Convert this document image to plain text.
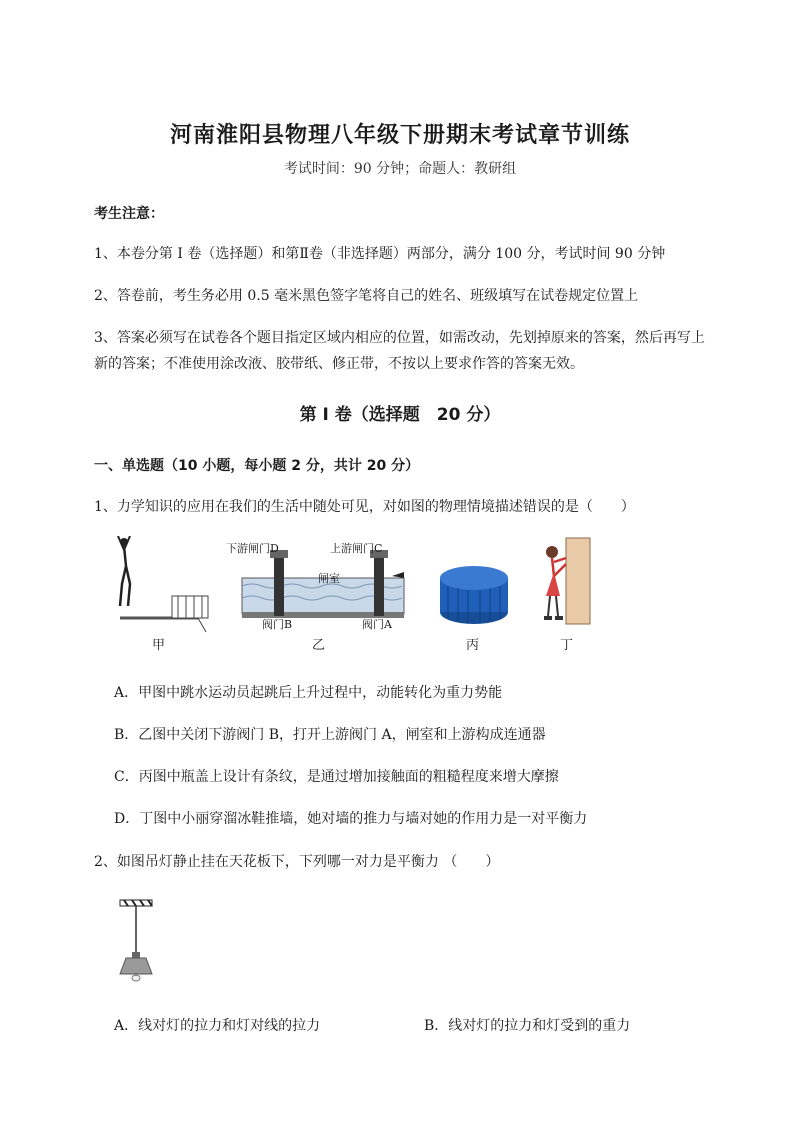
河南淮阳县物理八年级下册期末考试章节训练
考试时间：90 分钟；命题人：教研组
考生注意：
1、本卷分第 I 卷（选择题）和第Ⅱ卷（非选择题）两部分，满分 100 分，考试时间 90 分钟
2、答卷前，考生务必用 0.5 毫米黑色签字笔将自己的姓名、班级填写在试卷规定位置上
3、答案必须写在试卷各个题目指定区域内相应的位置，如需改动，先划掉原来的答案，然后再写上新的答案；不准使用涂改液、胶带纸、修正带，不按以上要求作答的答案无效。
第 I 卷（选择题　20 分）
一、单选题（10 小题，每小题 2 分，共计 20 分）
1、力学知识的应用在我们的生活中随处可见，对如图的物理情境描述错误的是（　　）
甲
下游闸门D	上游闸门C
闸室
阀门B	阀门A
乙	丙	丁
A．甲图中跳水运动员起跳后上升过程中，动能转化为重力势能
B．乙图中关闭下游阀门 B，打开上游阀门 A，闸室和上游构成连通器
C．丙图中瓶盖上设计有条纹，是通过增加接触面的粗糙程度来增大摩擦
D．丁图中小丽穿溜冰鞋推墙，她对墙的推力与墙对她的作用力是一对平衡力
2、如图吊灯静止挂在天花板下，下列哪一对力是平衡力 （　　）
A．线对灯的拉力和灯对线的拉力	B．线对灯的拉力和灯受到的重力
